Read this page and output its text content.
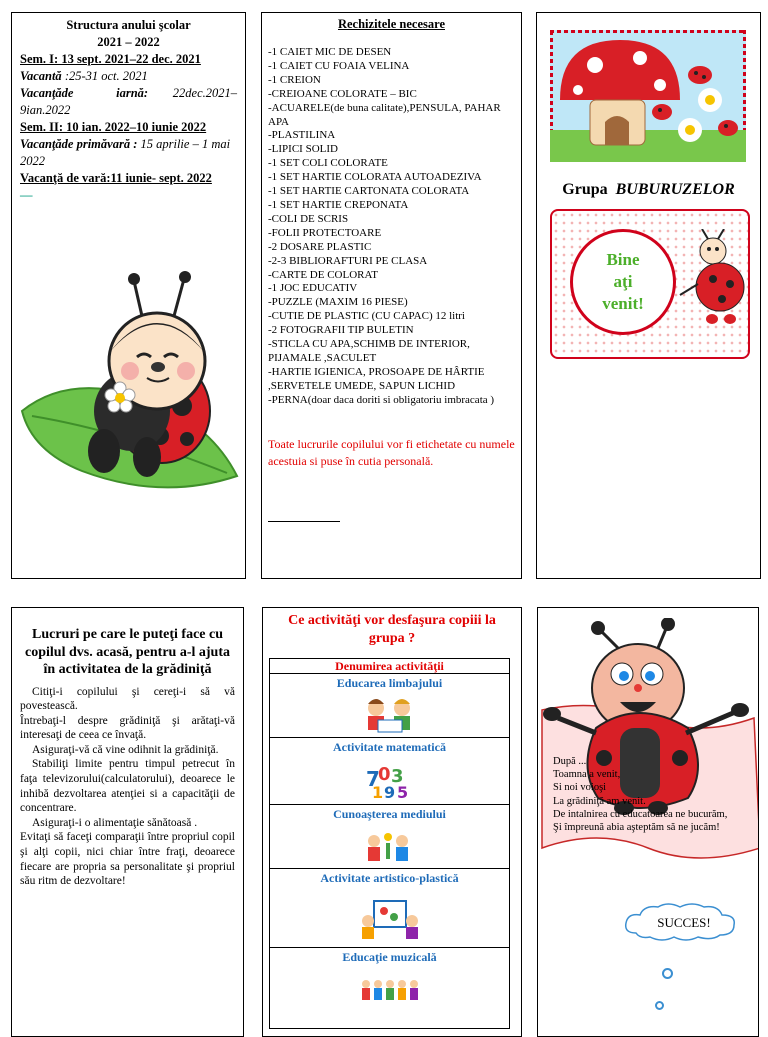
Structura anului şcolar
2021 – 2022
Sem. I: 13 sept. 2021–22 dec. 2021
Vacantă :25-31 oct. 2021
Vacanţăde iarnă: 22dec.2021– 9ian.2022
Sem. II: 10 ian. 2022–10 iunie 2022
Vacanţăde primăvară : 15 aprilie – 1 mai 2022
Vacanţă de vară:11 iunie- sept. 2022
—
Rechizitele necesare
-1 CAIET MIC DE DESEN
-1 CAIET CU FOAIA VELINA
-1 CREION
-CREIOANE COLORATE – BIC
-ACUARELE(de buna calitate),PENSULA, PAHAR APA
-PLASTILINA
-LIPICI SOLID
-1 SET COLI COLORATE
-1 SET HARTIE COLORATA AUTOADEZIVA
-1 SET HARTIE CARTONATA COLORATA
-1 SET HARTIE CREPONATA
-COLI DE SCRIS
-FOLII PROTECTOARE
-2 DOSARE PLASTIC
-2-3 BIBLIORAFTURI PE CLASA
-CARTE DE COLORAT
-1 JOC EDUCATIV
-PUZZLE (MAXIM 16 PIESE)
-CUTIE DE PLASTIC (CU CAPAC) 12 litri
-2 FOTOGRAFII TIP BULETIN
-STICLA CU APA,SCHIMB DE INTERIOR, PIJAMALE ,SACULET
-HARTIE IGIENICA, PROSOAPE DE HÂRTIE ,SERVETELE UMEDE, SAPUN LICHID
-PERNA(doar daca doriti si obligatoriu imbracata )
Toate lucrurile copilului vor fi etichetate cu numele acestuia si puse în cutia personală.
Grupa BUBURUZELOR
Bine
aţi
venit!
Lucruri pe care le puteţi face cu copilul dvs. acasă, pentru a-l ajuta în activitatea de la grădiniţă

Citiţi-i copilului şi cereţi-i să vă povestească.

Întrebaţi-l despre grădiniţă şi arătaţi-vă interesaţi de ceea ce învaţă.

Asiguraţi-vă că vine odihnit la grădiniţă.

Stabiliţi limite pentru timpul petrecut în faţa televizorului(calculatorului), deoarece le inhibă dezvoltarea atenţiei si a capacităţii de concentrare.

Asiguraţi-i o alimentaţie sănătoasă .

Evitaţi să faceţi comparaţii între propriul copil şi alţi copii, nici chiar între fraţi, deoarece fiecare are propria sa personalitate şi propriul său ritm de dezvoltare!

Ce activităţi vor desfaşura copiii la grupa ?
Denumirea activităţii
Educarea limbajului
Activitate matematică
7
0 3
1 9 5
Cunoaşterea mediului
Activitate artistico-plastică
Educaţie muzicală
După ...
Toamna a venit,
Si noi voioşi
La grădiniţă am venit.
De intalnirea cu educatoarea ne bucurăm,
Şi împreună abia aşteptăm să ne jucăm!
SUCCES!
